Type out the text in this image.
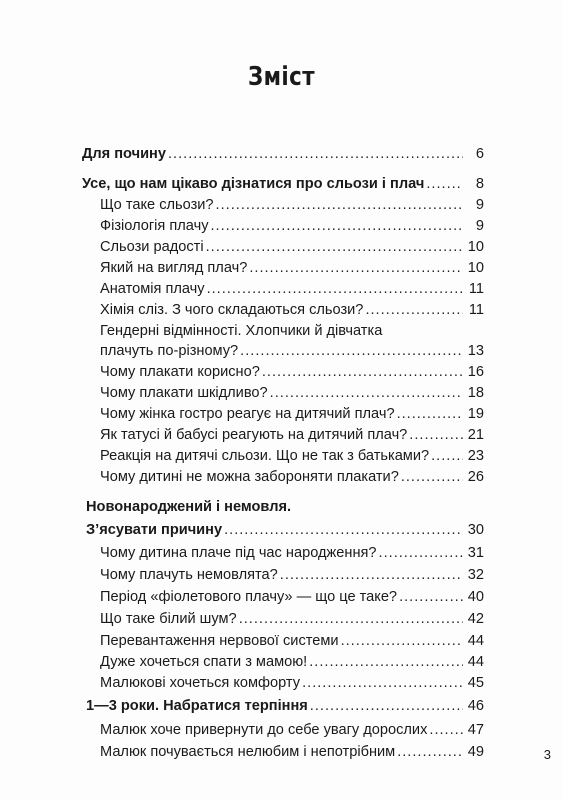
Зміст
Для почину .....	6
Усе, що нам цікаво дізнатися про сльози і плач .....	8
Що таке сльози? .....	9
Фізіологія плачу .....	9
Сльози радості .....	10
Який на вигляд плач? .....	10
Анатомія плачу .....	11
Хімія сліз. З чого складаються сльози? .....	11
Гендерні відмінності. Хлопчики й дівчатка
плачуть по-різному? .....	13
Чому плакати корисно? .....	16
Чому плакати шкідливо? .....	18
Чому жінка гостро реагує на дитячий плач? .....	19
Як татусі й бабусі реагують на дитячий плач? .....	21
Реакція на дитячі сльози. Що не так з батьками? .....	23
Чому дитині не можна забороняти плакати? .....	26
Новонароджений і немовля.
З’ясувати причину .....	30
Чому дитина плаче під час народження? .....	31
Чому плачуть немовлята? .....	32
Період «фіолетового плачу» — що це таке? .....	40
Що таке білий шум? .....	42
Перевантаження нервової системи .....	44
Дуже хочеться спати з мамою! .....	44
Малюкові хочеться комфорту .....	45
1—3 роки. Набратися терпіння .....	46
Малюк хоче привернути до себе увагу дорослих .....	47
Малюк почувається нелюбим і непотрібним .....	49	3
